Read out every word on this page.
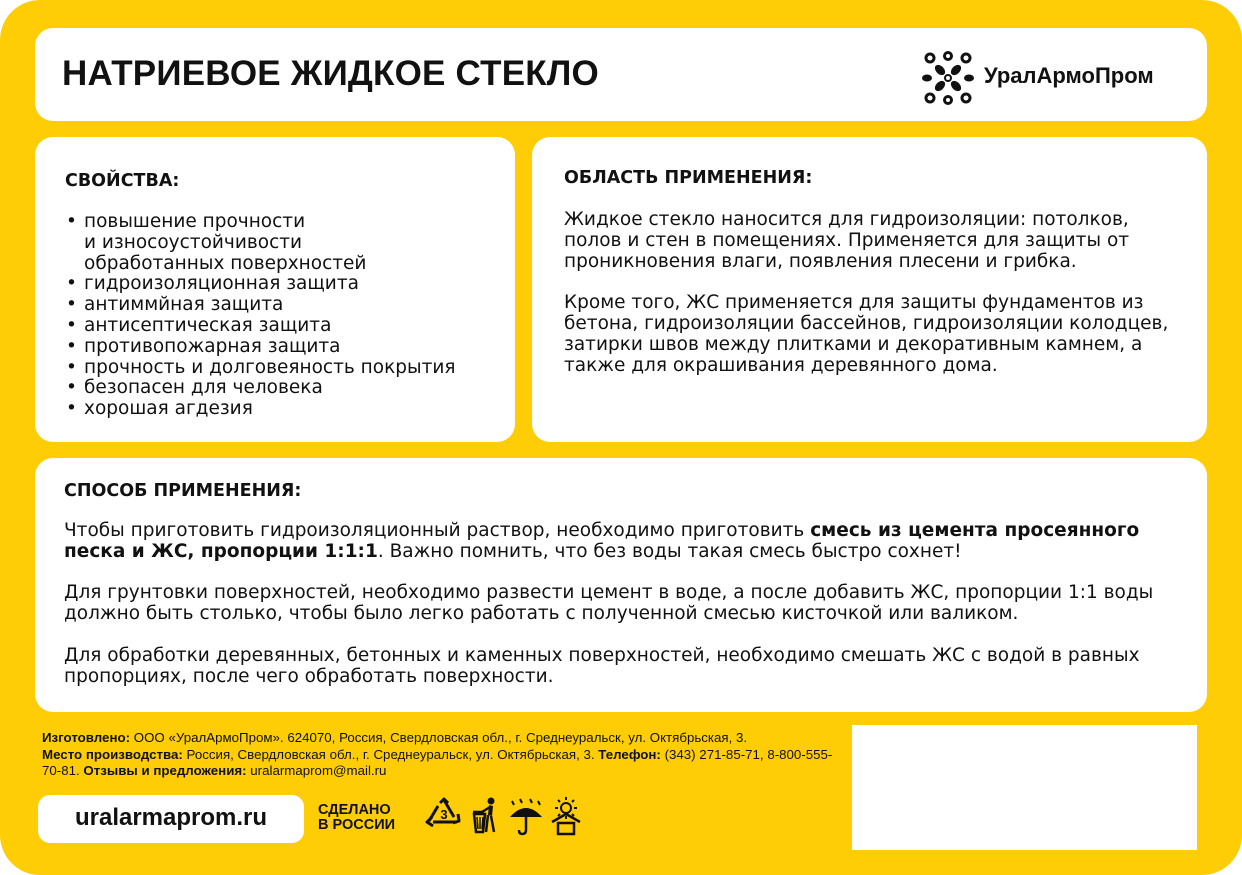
НАТРИЕВОЕ ЖИДКОЕ СТЕКЛО	УралАрмоПром
СВОЙСТВА:
• повышение прочности
и износоустойчивости
обработанных поверхностей
• гидроизоляционная защита
• антиммйная защита
• антисептическая защита
• противопожарная защита
• прочность и долговеяность покрытия
• безопасен для человека
• хорошая агдезия
ОБЛАСТЬ ПРИМЕНЕНИЯ:

Жидкое стекло наносится для гидроизоляции: потолков, полов и стен в помещениях. Применяется для защиты от проникновения влаги, появления плесени и грибка.

Кроме того, ЖС применяется для защиты фундаментов из бетона, гидроизоляции бассейнов, гидроизоляции колодцев, затирки швов между плитками и декоративным камнем, а также для окрашивания деревянного дома.

СПОСОБ ПРИМЕНЕНИЯ:

Чтобы приготовить гидроизоляционный раствор, необходимо приготовить смесь из цемента просеянного песка и ЖС, пропорции 1:1:1. Важно помнить, что без воды такая смесь быстро сохнет!

Для грунтовки поверхностей, необходимо развести цемент в воде, а после добавить ЖС, пропорции 1:1 воды должно быть столько, чтобы было легко работать с полученной смесью кисточкой или валиком.

Для обработки деревянных, бетонных и каменных поверхностей, необходимо смешать ЖС с водой в равных пропорциях, после чего обработать поверхности.

Изготовлено: ООО «УралАрмоПром». 624070, Россия, Свердловская обл., г. Среднеуральск, ул. Октябрьская, 3.
Место производства: Россия, Свердловская обл., г. Среднеуральск, ул. Октябрьская, 3. Телефон: (343) 271-85-71, 8-800-555-70-81. Отзывы и предложения: uralarmaprom@mail.ru
uralarmaprom.ru	СДЕЛАНО
В РОССИИ
3
